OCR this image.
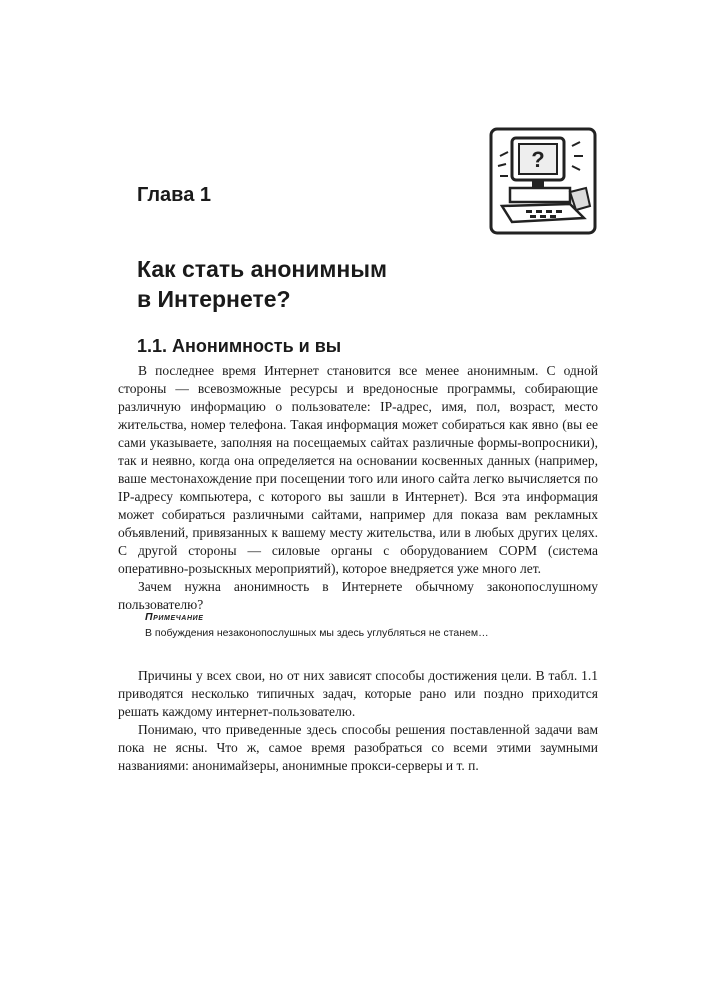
?
Глава 1
Как стать анонимным
в Интернете?
1.1. Анонимность и вы

В последнее время Интернет становится все менее анонимным. С одной стороны — всевозможные ресурсы и вредоносные программы, собирающие различную информацию о пользователе: IP-адрес, имя, пол, возраст, место жительства, номер телефона. Такая информация может собираться как явно (вы ее сами указываете, заполняя на посещаемых сайтах различные формы-вопросники), так и неявно, когда она определяется на основании косвенных данных (например, ваше местонахождение при посещении того или иного сайта легко вычисляется по IP-адресу компьютера, с которого вы зашли в Интернет). Вся эта информация может собираться различными сайтами, например для показа вам рекламных объявлений, привязанных к вашему месту жительства, или в любых других целях. С другой стороны — силовые органы с оборудованием СОРМ (система оперативно-розыскных мероприятий), которое внедряется уже много лет.

Зачем нужна анонимность в Интернете обычному законопослушному пользователю?

Примечание

В побуждения незаконопослушных мы здесь углубляться не станем…

Причины у всех свои, но от них зависят способы достижения цели. В табл. 1.1 приводятся несколько типичных задач, которые рано или поздно приходится решать каждому интернет-пользователю.

Понимаю, что приведенные здесь способы решения поставленной задачи вам пока не ясны. Что ж, самое время разобраться со всеми этими заумными названиями: анонимайзеры, анонимные прокси-серверы и т. п.
